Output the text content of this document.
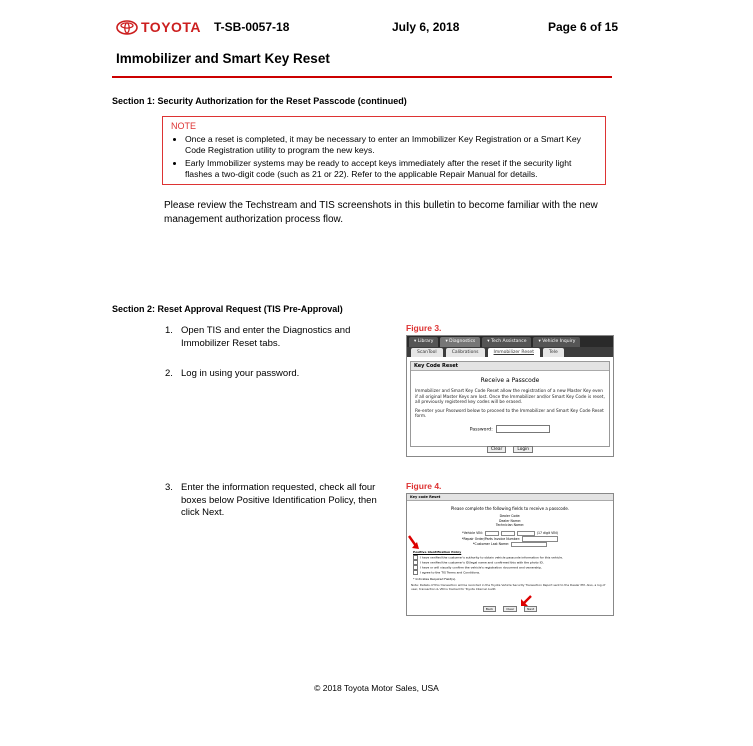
TOYOTA T-SB-0057-18	July 6, 2018	Page 6 of 15
Immobilizer and Smart Key Reset
Section 1: Security Authorization for the Reset Passcode (continued)
NOTE
• Once a reset is completed, it may be necessary to enter an Immobilizer Key Registration or a Smart Key Code Registration utility to program the new keys.
• Early Immobilizer systems may be ready to accept keys immediately after the reset if the security light flashes a two-digit code (such as 21 or 22). Refer to the applicable Repair Manual for details.
Please review the Techstream and TIS screenshots in this bulletin to become familiar with the new management authorization process flow.
Section 2: Reset Approval Request (TIS Pre-Approval)
1. Open TIS and enter the Diagnostics and Immobilizer Reset tabs.
2. Log in using your password.
3. Enter the information requested, check all four boxes below Positive Identification Policy, then click Next.
Figure 3.
▾ Library	▾ Diagnostics	▾ Tech Assistance	▾ Vehicle Inquiry
ScanTool	Calibrations	Immobilizer Reset	Tele
Key Code Reset
Receive a Passcode
Immobilizer and Smart Key Code Reset allow the registration of a new Master Key even if all original Master Keys are lost. Once the Immobilizer and/or Smart Key Code is reset, all previously registered key codes will be erased.
Re-enter your Password below to proceed to the Immobilizer and Smart Key Code Reset form.
Password:
Clear	Login
Figure 4.
Key code Reset
Please complete the following fields to receive a passcode.
Dealer Code:
Dealer Name:
Technician Name:
*Vehicle VIN:	(17 digit VIN)
*Repair Order/Parts Invoice Number:
*Customer Last Name:
Positive Identification Policy
I have verified the customer's authority to obtain vehicle passcode information for this vehicle.
I have verified the customer's ID/legal name and confirmed this with the photo ID.
I have or will visually confirm the vehicle's registration document and ownership.
I agree to the TIS Terms and Conditions.
* Indicates Required Field(s).
Note: Details of this transaction will be recorded in the Toyota Vehicle Security Transaction Report sent to the Dealer PM. Also, a log of user, transaction & VIN is tracked for Toyota Internal Audit.
Back	Clear	Next
© 2018 Toyota Motor Sales, USA
